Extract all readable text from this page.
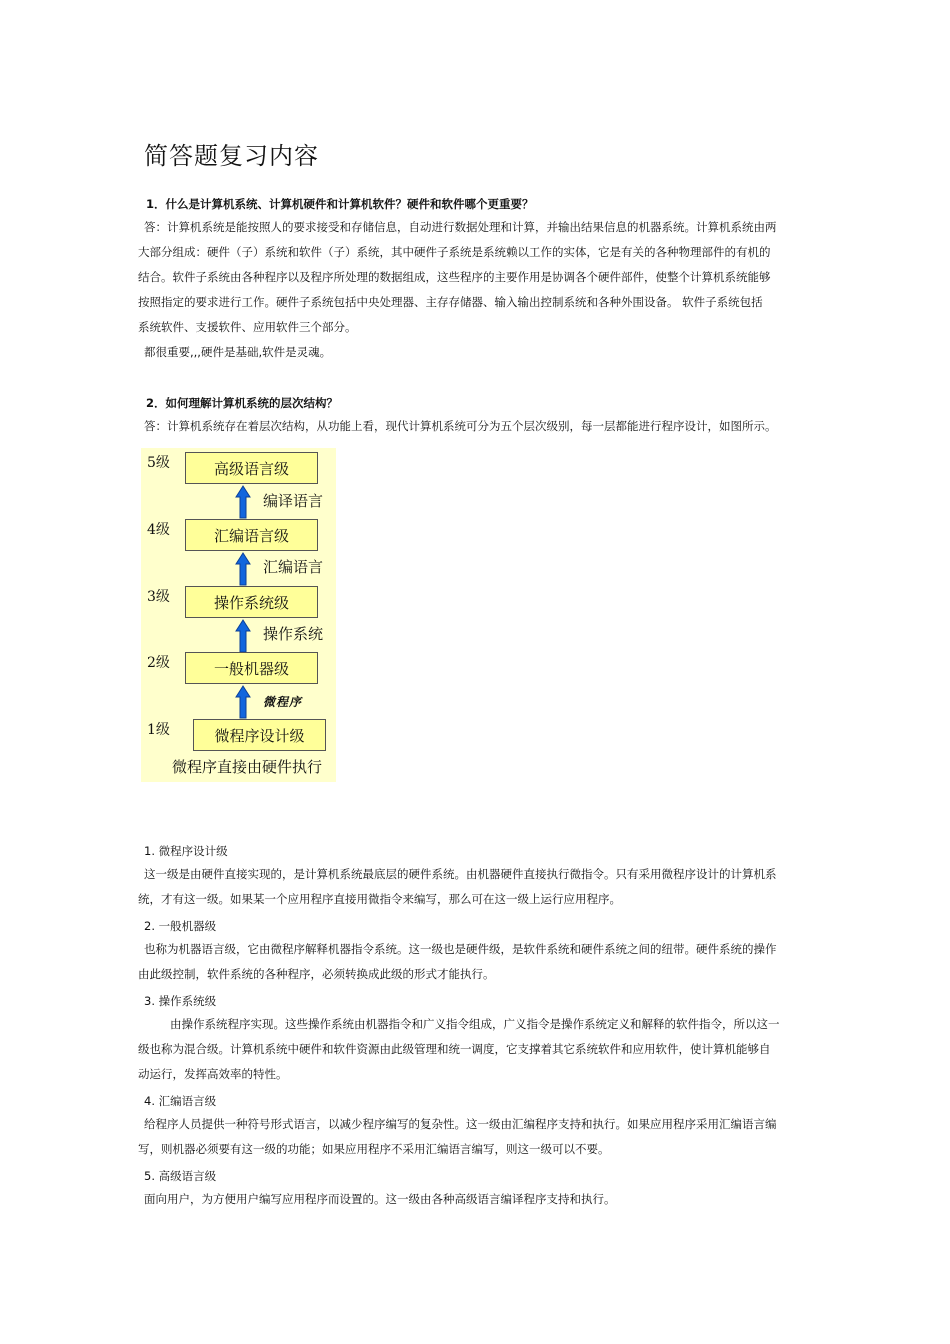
简答题复习内容
1．什么是计算机系统、计算机硬件和计算机软件？硬件和软件哪个更重要？
答：计算机系统是能按照人的要求接受和存储信息，自动进行数据处理和计算，并输出结果信息的机器系统。计算机系统由两
大部分组成：硬件（子）系统和软件（子）系统，其中硬件子系统是系统赖以工作的实体，它是有关的各种物理部件的有机的
结合。软件子系统由各种程序以及程序所处理的数据组成，这些程序的主要作用是协调各个硬件部件，使整个计算机系统能够
按照指定的要求进行工作。硬件子系统包括中央处理器、主存存储器、输入输出控制系统和各种外围设备。 软件子系统包括
系统软件、支援软件、应用软件三个部分。
都很重要,,,硬件是基础,软件是灵魂。
2．如何理解计算机系统的层次结构？
答：计算机系统存在着层次结构，从功能上看，现代计算机系统可分为五个层次级别，每一层都能进行程序设计，如图所示。
5级	高级语言级
编译语言
4级	汇编语言级
汇编语言
3级	操作系统级
操作系统
2级	一般机器级
微程序
1级	微程序设计级
微程序直接由硬件执行
1. 微程序设计级
这一级是由硬件直接实现的，是计算机系统最底层的硬件系统。由机器硬件直接执行微指令。只有采用微程序设计的计算机系
统，才有这一级。如果某一个应用程序直接用微指令来编写，那么可在这一级上运行应用程序。
2. 一般机器级
也称为机器语言级，它由微程序解释机器指令系统。这一级也是硬件级，是软件系统和硬件系统之间的纽带。硬件系统的操作
由此级控制，软件系统的各种程序，必须转换成此级的形式才能执行。
3. 操作系统级
由操作系统程序实现。这些操作系统由机器指令和广义指令组成，广义指令是操作系统定义和解释的软件指令，所以这一
级也称为混合级。计算机系统中硬件和软件资源由此级管理和统一调度，它支撑着其它系统软件和应用软件，使计算机能够自
动运行，发挥高效率的特性。
4. 汇编语言级
给程序人员提供一种符号形式语言，以减少程序编写的复杂性。这一级由汇编程序支持和执行。如果应用程序采用汇编语言编
写，则机器必须要有这一级的功能；如果应用程序不采用汇编语言编写，则这一级可以不要。
5. 高级语言级
面向用户，为方便用户编写应用程序而设置的。这一级由各种高级语言编译程序支持和执行。
